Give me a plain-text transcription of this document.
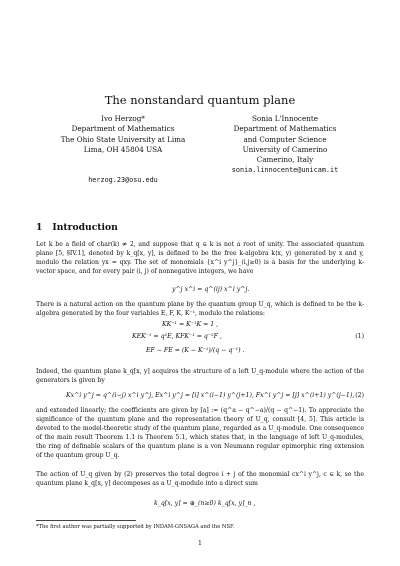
The nonstandard quantum plane
Ivo Herzog*
Department of Mathematics
The Ohio State University at Lima
Lima, OH 45804 USA
herzog.23@osu.edu
Sonia L'Innocente
Department of Mathematics
and Computer Science
University of Camerino
Camerino, Italy
sonia.linnocente@unicam.it
1 Introduction
Let k be a field of char(k) ≠ 2, and suppose that q ∈ k is not a root of unity. The associated quantum plane [5, §IV.1], denoted by k_q[x, y], is defined to be the free k-algebra k⟨x, y⟩ generated by x and y, modulo the relation yx = qxy. The set of monomials {x^i y^j}_(i,j≥0) is a basis for the underlying k-vector space, and for every pair (i, j) of nonnegative integers, we have
y^j x^i = q^(ij) x^i y^j.
There is a natural action on the quantum plane by the quantum group U_q, which is defined to be the k-algebra generated by the four variables E, F, K, K⁻¹, modulo the relations:
KK⁻¹ = K⁻¹K = 1 ,
KEK⁻¹ = q²E, KFK⁻¹ = q⁻²F ,
EF − FE = (K − K⁻¹)/(q − q⁻¹) .
(1)
Indeed, the quantum plane k_q[x, y] acquires the structure of a left U_q-module where the action of the generators is given by
Kx^i y^j = q^(i−j) x^i y^j, Ex^i y^j = [i] x^(i−1) y^(j+1), Fx^i y^j = [j] x^(i+1) y^(j−1), (2)
and extended linearly; the coefficients are given by [a] := (q^a − q^−a)/(q − q^−1). To appreciate the significance of the quantum plane and the representation theory of U_q, consult [4, 5]. This article is devoted to the model-theoretic study of the quantum plane, regarded as a U_q-module. One consequence of the main result Theorem 1.1 is Theorem 5.1, which states that, in the language of left U_q-modules, the ring of definable scalars of the quantum plane is a von Neumann regular epimorphic ring extension of the quantum group U_q.
The action of U_q given by (2) preserves the total degree i + j of the monomial cx^i y^j, c ∈ k, so the quantum plane k_q[x, y] decomposes as a U_q-module into a direct sum
k_q[x, y] = ⊕_(n≥0) k_q[x, y]_n ,
*The first author was partially supported by INDAM-GNSAGA and the NSF.
1
